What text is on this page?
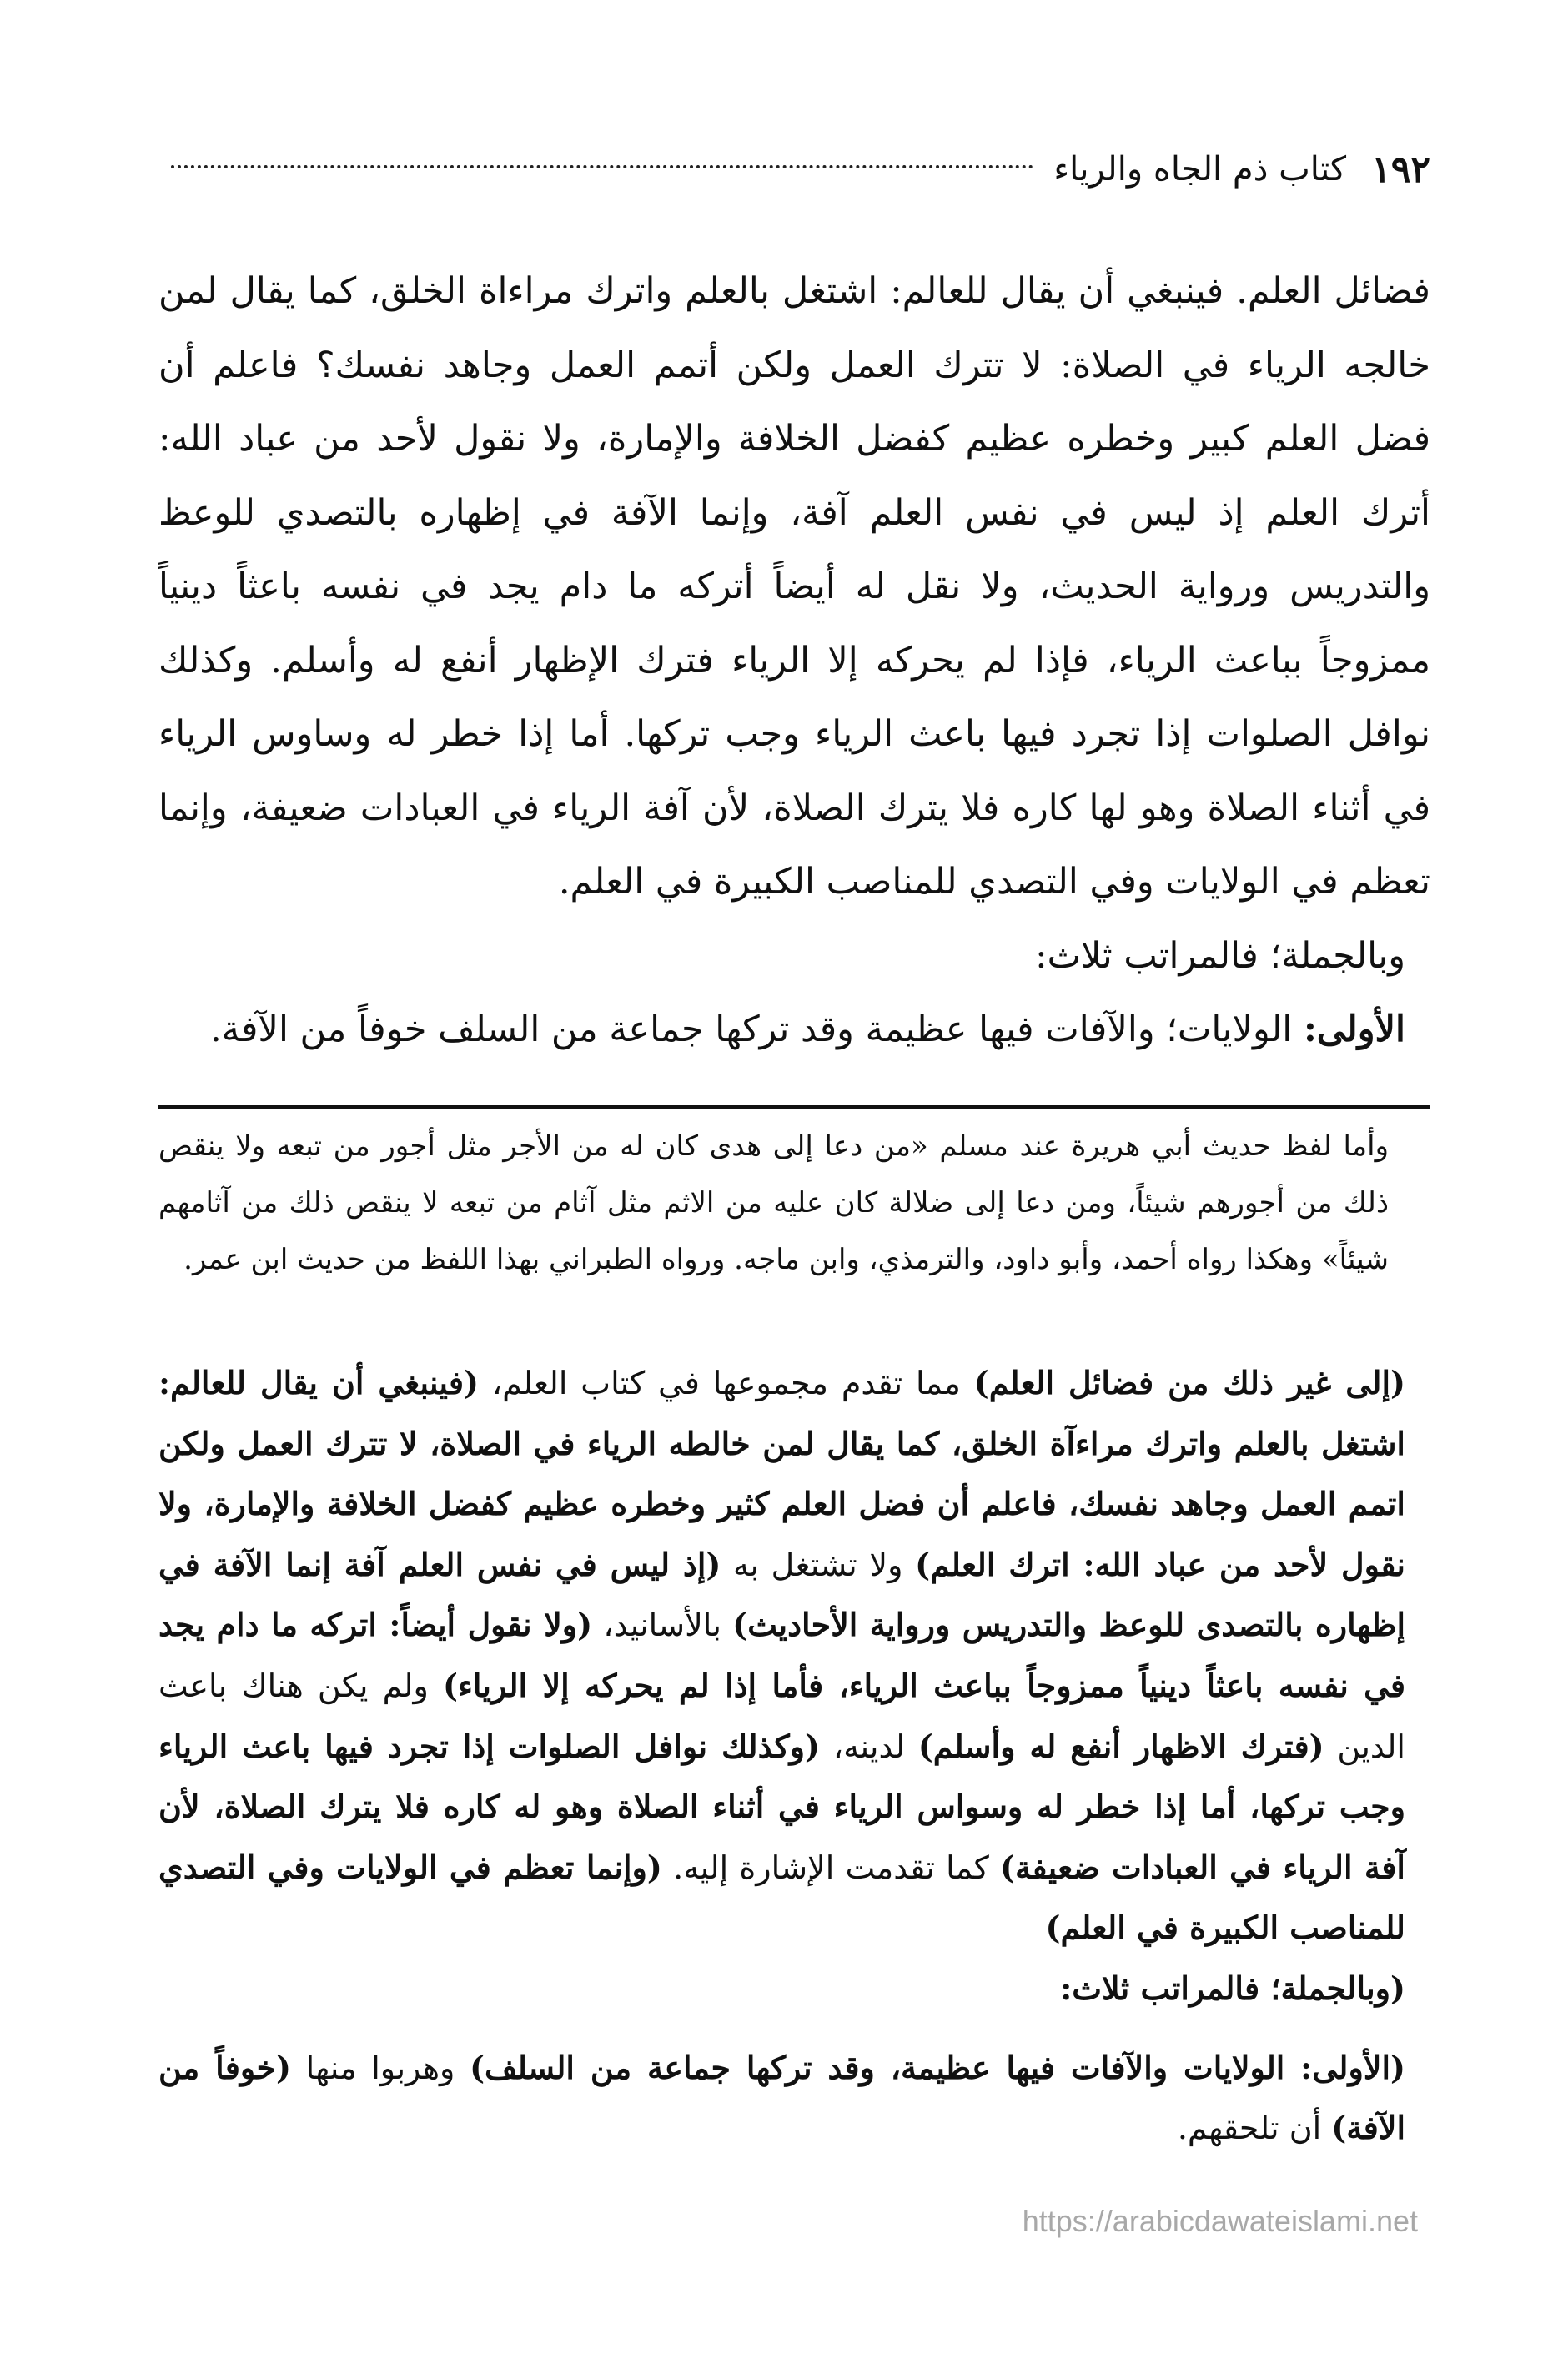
١٩٢
كتاب ذم الجاه والرياء

فضائل العلم. فينبغي أن يقال للعالم: اشتغل بالعلم واترك مراءاة الخلق، كما يقال لمن خالجه الرياء في الصلاة: لا تترك العمل ولكن أتمم العمل وجاهد نفسك؟ فاعلم أن فضل العلم كبير وخطره عظيم كفضل الخلافة والإمارة، ولا نقول لأحد من عباد الله: أترك العلم إذ ليس في نفس العلم آفة، وإنما الآفة في إظهاره بالتصدي للوعظ والتدريس ورواية الحديث، ولا نقل له أيضاً أتركه ما دام يجد في نفسه باعثاً دينياً ممزوجاً بباعث الرياء، فإذا لم يحركه إلا الرياء فترك الإظهار أنفع له وأسلم. وكذلك نوافل الصلوات إذا تجرد فيها باعث الرياء وجب تركها. أما إذا خطر له وساوس الرياء في أثناء الصلاة وهو لها كاره فلا يترك الصلاة، لأن آفة الرياء في العبادات ضعيفة، وإنما تعظم في الولايات وفي التصدي للمناصب الكبيرة في العلم.

وبالجملة؛ فالمراتب ثلاث:

الأولى: الولايات؛ والآفات فيها عظيمة وقد تركها جماعة من السلف خوفاً من الآفة.

وأما لفظ حديث أبي هريرة عند مسلم «من دعا إلى هدى كان له من الأجر مثل أجور من تبعه ولا ينقص ذلك من أجورهم شيئاً، ومن دعا إلى ضلالة كان عليه من الاثم مثل آثام من تبعه لا ينقص ذلك من آثامهم شيئاً» وهكذا رواه أحمد، وأبو داود، والترمذي، وابن ماجه. ورواه الطبراني بهذا اللفظ من حديث ابن عمر.

(إلى غير ذلك من فضائل العلم) مما تقدم مجموعها في كتاب العلم، (فينبغي أن يقال للعالم: اشتغل بالعلم واترك مراءآة الخلق، كما يقال لمن خالطه الرياء في الصلاة، لا تترك العمل ولكن اتمم العمل وجاهد نفسك، فاعلم أن فضل العلم كثير وخطره عظيم كفضل الخلافة والإمارة، ولا نقول لأحد من عباد الله: اترك العلم) ولا تشتغل به (إذ ليس في نفس العلم آفة إنما الآفة في إظهاره بالتصدى للوعظ والتدريس ورواية الأحاديث) بالأسانيد، (ولا نقول أيضاً: اتركه ما دام يجد في نفسه باعثاً دينياً ممزوجاً بباعث الرياء، فأما إذا لم يحركه إلا الرياء) ولم يكن هناك باعث الدين (فترك الاظهار أنفع له وأسلم) لدينه، (وكذلك نوافل الصلوات إذا تجرد فيها باعث الرياء وجب تركها، أما إذا خطر له وسواس الرياء في أثناء الصلاة وهو له كاره فلا يترك الصلاة، لأن آفة الرياء في العبادات ضعيفة) كما تقدمت الإشارة إليه. (وإنما تعظم في الولايات وفي التصدي للمناصب الكبيرة في العلم)

(وبالجملة؛ فالمراتب ثلاث:

(الأولى: الولايات والآفات فيها عظيمة، وقد تركها جماعة من السلف) وهربوا منها (خوفاً من الآفة) أن تلحقهم.

https://arabicdawateislami.net
